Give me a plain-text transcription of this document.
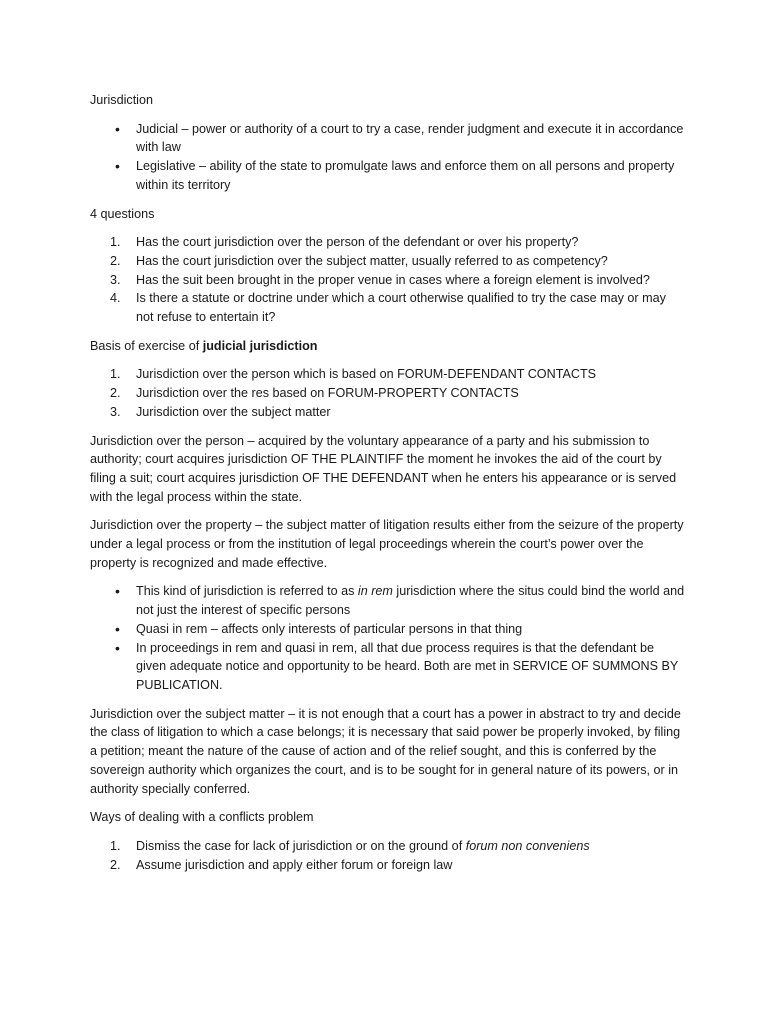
Jurisdiction

• Judicial – power or authority of a court to try a case, render judgment and execute it in accordance with law
• Legislative – ability of the state to promulgate laws and enforce them on all persons and property within its territory

4 questions

1. Has the court jurisdiction over the person of the defendant or over his property?
2. Has the court jurisdiction over the subject matter, usually referred to as competency?
3. Has the suit been brought in the proper venue in cases where a foreign element is involved?
4. Is there a statute or doctrine under which a court otherwise qualified to try the case may or may not refuse to entertain it?

Basis of exercise of judicial jurisdiction

1. Jurisdiction over the person which is based on FORUM-DEFENDANT CONTACTS
2. Jurisdiction over the res based on FORUM-PROPERTY CONTACTS
3. Jurisdiction over the subject matter

Jurisdiction over the person – acquired by the voluntary appearance of a party and his submission to authority; court acquires jurisdiction OF THE PLAINTIFF the moment he invokes the aid of the court by filing a suit; court acquires jurisdiction OF THE DEFENDANT when he enters his appearance or is served with the legal process within the state.

Jurisdiction over the property – the subject matter of litigation results either from the seizure of the property under a legal process or from the institution of legal proceedings wherein the court’s power over the property is recognized and made effective.

• This kind of jurisdiction is referred to as in rem jurisdiction where the situs could bind the world and not just the interest of specific persons
• Quasi in rem – affects only interests of particular persons in that thing
• In proceedings in rem and quasi in rem, all that due process requires is that the defendant be given adequate notice and opportunity to be heard. Both are met in SERVICE OF SUMMONS BY PUBLICATION.

Jurisdiction over the subject matter – it is not enough that a court has a power in abstract to try and decide the class of litigation to which a case belongs; it is necessary that said power be properly invoked, by filing a petition; meant the nature of the cause of action and of the relief sought, and this is conferred by the sovereign authority which organizes the court, and is to be sought for in general nature of its powers, or in authority specially conferred.

Ways of dealing with a conflicts problem

1. Dismiss the case for lack of jurisdiction or on the ground of forum non conveniens
2. Assume jurisdiction and apply either forum or foreign law
